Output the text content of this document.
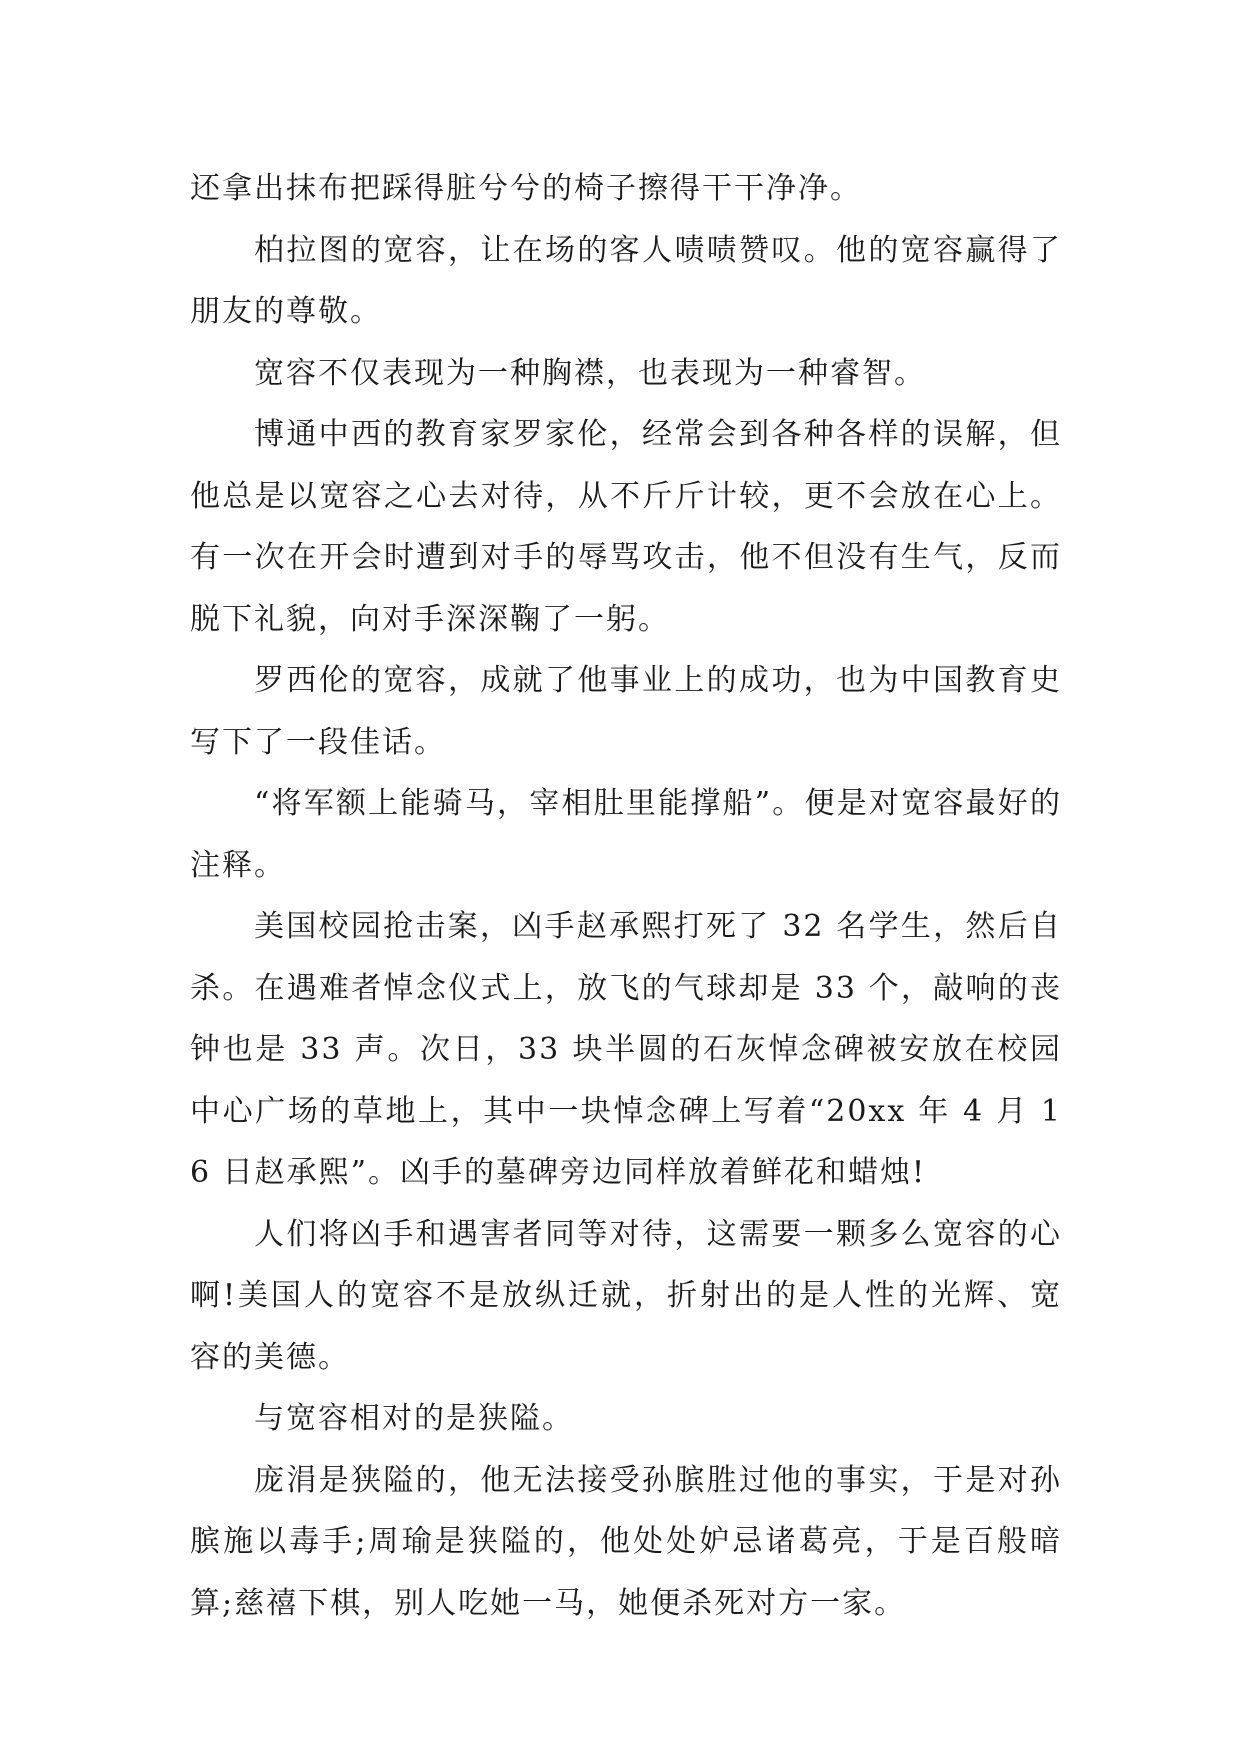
还拿出抹布把踩得脏兮兮的椅子擦得干干净净。

柏拉图的宽容，让在场的客人啧啧赞叹。他的宽容赢得了朋友的尊敬。

宽容不仅表现为一种胸襟，也表现为一种睿智。

博通中西的教育家罗家伦，经常会到各种各样的误解，但他总是以宽容之心去对待，从不斤斤计较，更不会放在心上。有一次在开会时遭到对手的辱骂攻击，他不但没有生气，反而脱下礼貌，向对手深深鞠了一躬。

罗西伦的宽容，成就了他事业上的成功，也为中国教育史写下了一段佳话。

“将军额上能骑马，宰相肚里能撑船”。便是对宽容最好的注释。

美国校园抢击案，凶手赵承熙打死了 32 名学生，然后自杀。在遇难者悼念仪式上，放飞的气球却是 33 个，敲响的丧钟也是 33 声。次日，33 块半圆的石灰悼念碑被安放在校园中心广场的草地上，其中一块悼念碑上写着“20xx 年 4 月 16 日赵承熙”。凶手的墓碑旁边同样放着鲜花和蜡烛!

人们将凶手和遇害者同等对待，这需要一颗多么宽容的心啊!美国人的宽容不是放纵迁就，折射出的是人性的光辉、宽容的美德。

与宽容相对的是狭隘。

庞涓是狭隘的，他无法接受孙膑胜过他的事实，于是对孙膑施以毒手;周瑜是狭隘的，他处处妒忌诸葛亮，于是百般暗算;慈禧下棋，别人吃她一马，她便杀死对方一家。
